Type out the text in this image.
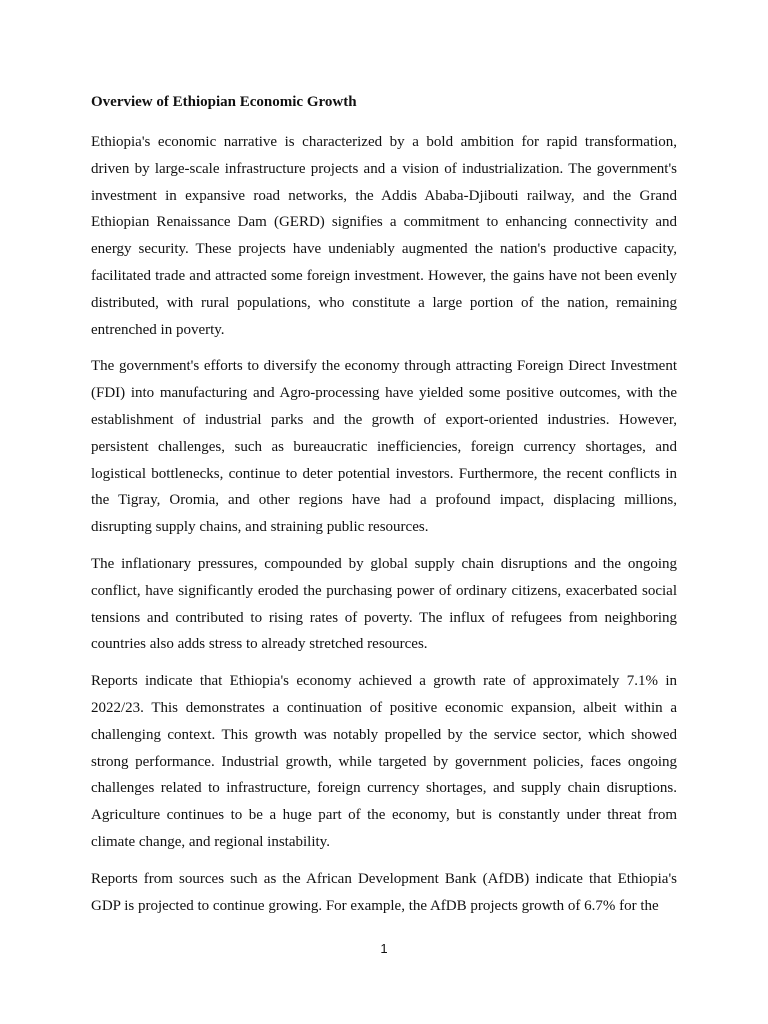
Overview of Ethiopian Economic Growth

Ethiopia's economic narrative is characterized by a bold ambition for rapid transformation, driven by large-scale infrastructure projects and a vision of industrialization. The government's investment in expansive road networks, the Addis Ababa-Djibouti railway, and the Grand Ethiopian Renaissance Dam (GERD) signifies a commitment to enhancing connectivity and energy security. These projects have undeniably augmented the nation's productive capacity, facilitated trade and attracted some foreign investment. However, the gains have not been evenly distributed, with rural populations, who constitute a large portion of the nation, remaining entrenched in poverty.

The government's efforts to diversify the economy through attracting Foreign Direct Investment (FDI) into manufacturing and Agro-processing have yielded some positive outcomes, with the establishment of industrial parks and the growth of export-oriented industries. However, persistent challenges, such as bureaucratic inefficiencies, foreign currency shortages, and logistical bottlenecks, continue to deter potential investors. Furthermore, the recent conflicts in the Tigray, Oromia, and other regions have had a profound impact, displacing millions, disrupting supply chains, and straining public resources.

The inflationary pressures, compounded by global supply chain disruptions and the ongoing conflict, have significantly eroded the purchasing power of ordinary citizens, exacerbated social tensions and contributed to rising rates of poverty. The influx of refugees from neighboring countries also adds stress to already stretched resources.

Reports indicate that Ethiopia's economy achieved a growth rate of approximately 7.1% in 2022/23. This demonstrates a continuation of positive economic expansion, albeit within a challenging context. This growth was notably propelled by the service sector, which showed strong performance. Industrial growth, while targeted by government policies, faces ongoing challenges related to infrastructure, foreign currency shortages, and supply chain disruptions. Agriculture continues to be a huge part of the economy, but is constantly under threat from climate change, and regional instability.

Reports from sources such as the African Development Bank (AfDB) indicate that Ethiopia's GDP is projected to continue growing. For example, the AfDB projects growth of 6.7% for the

1
